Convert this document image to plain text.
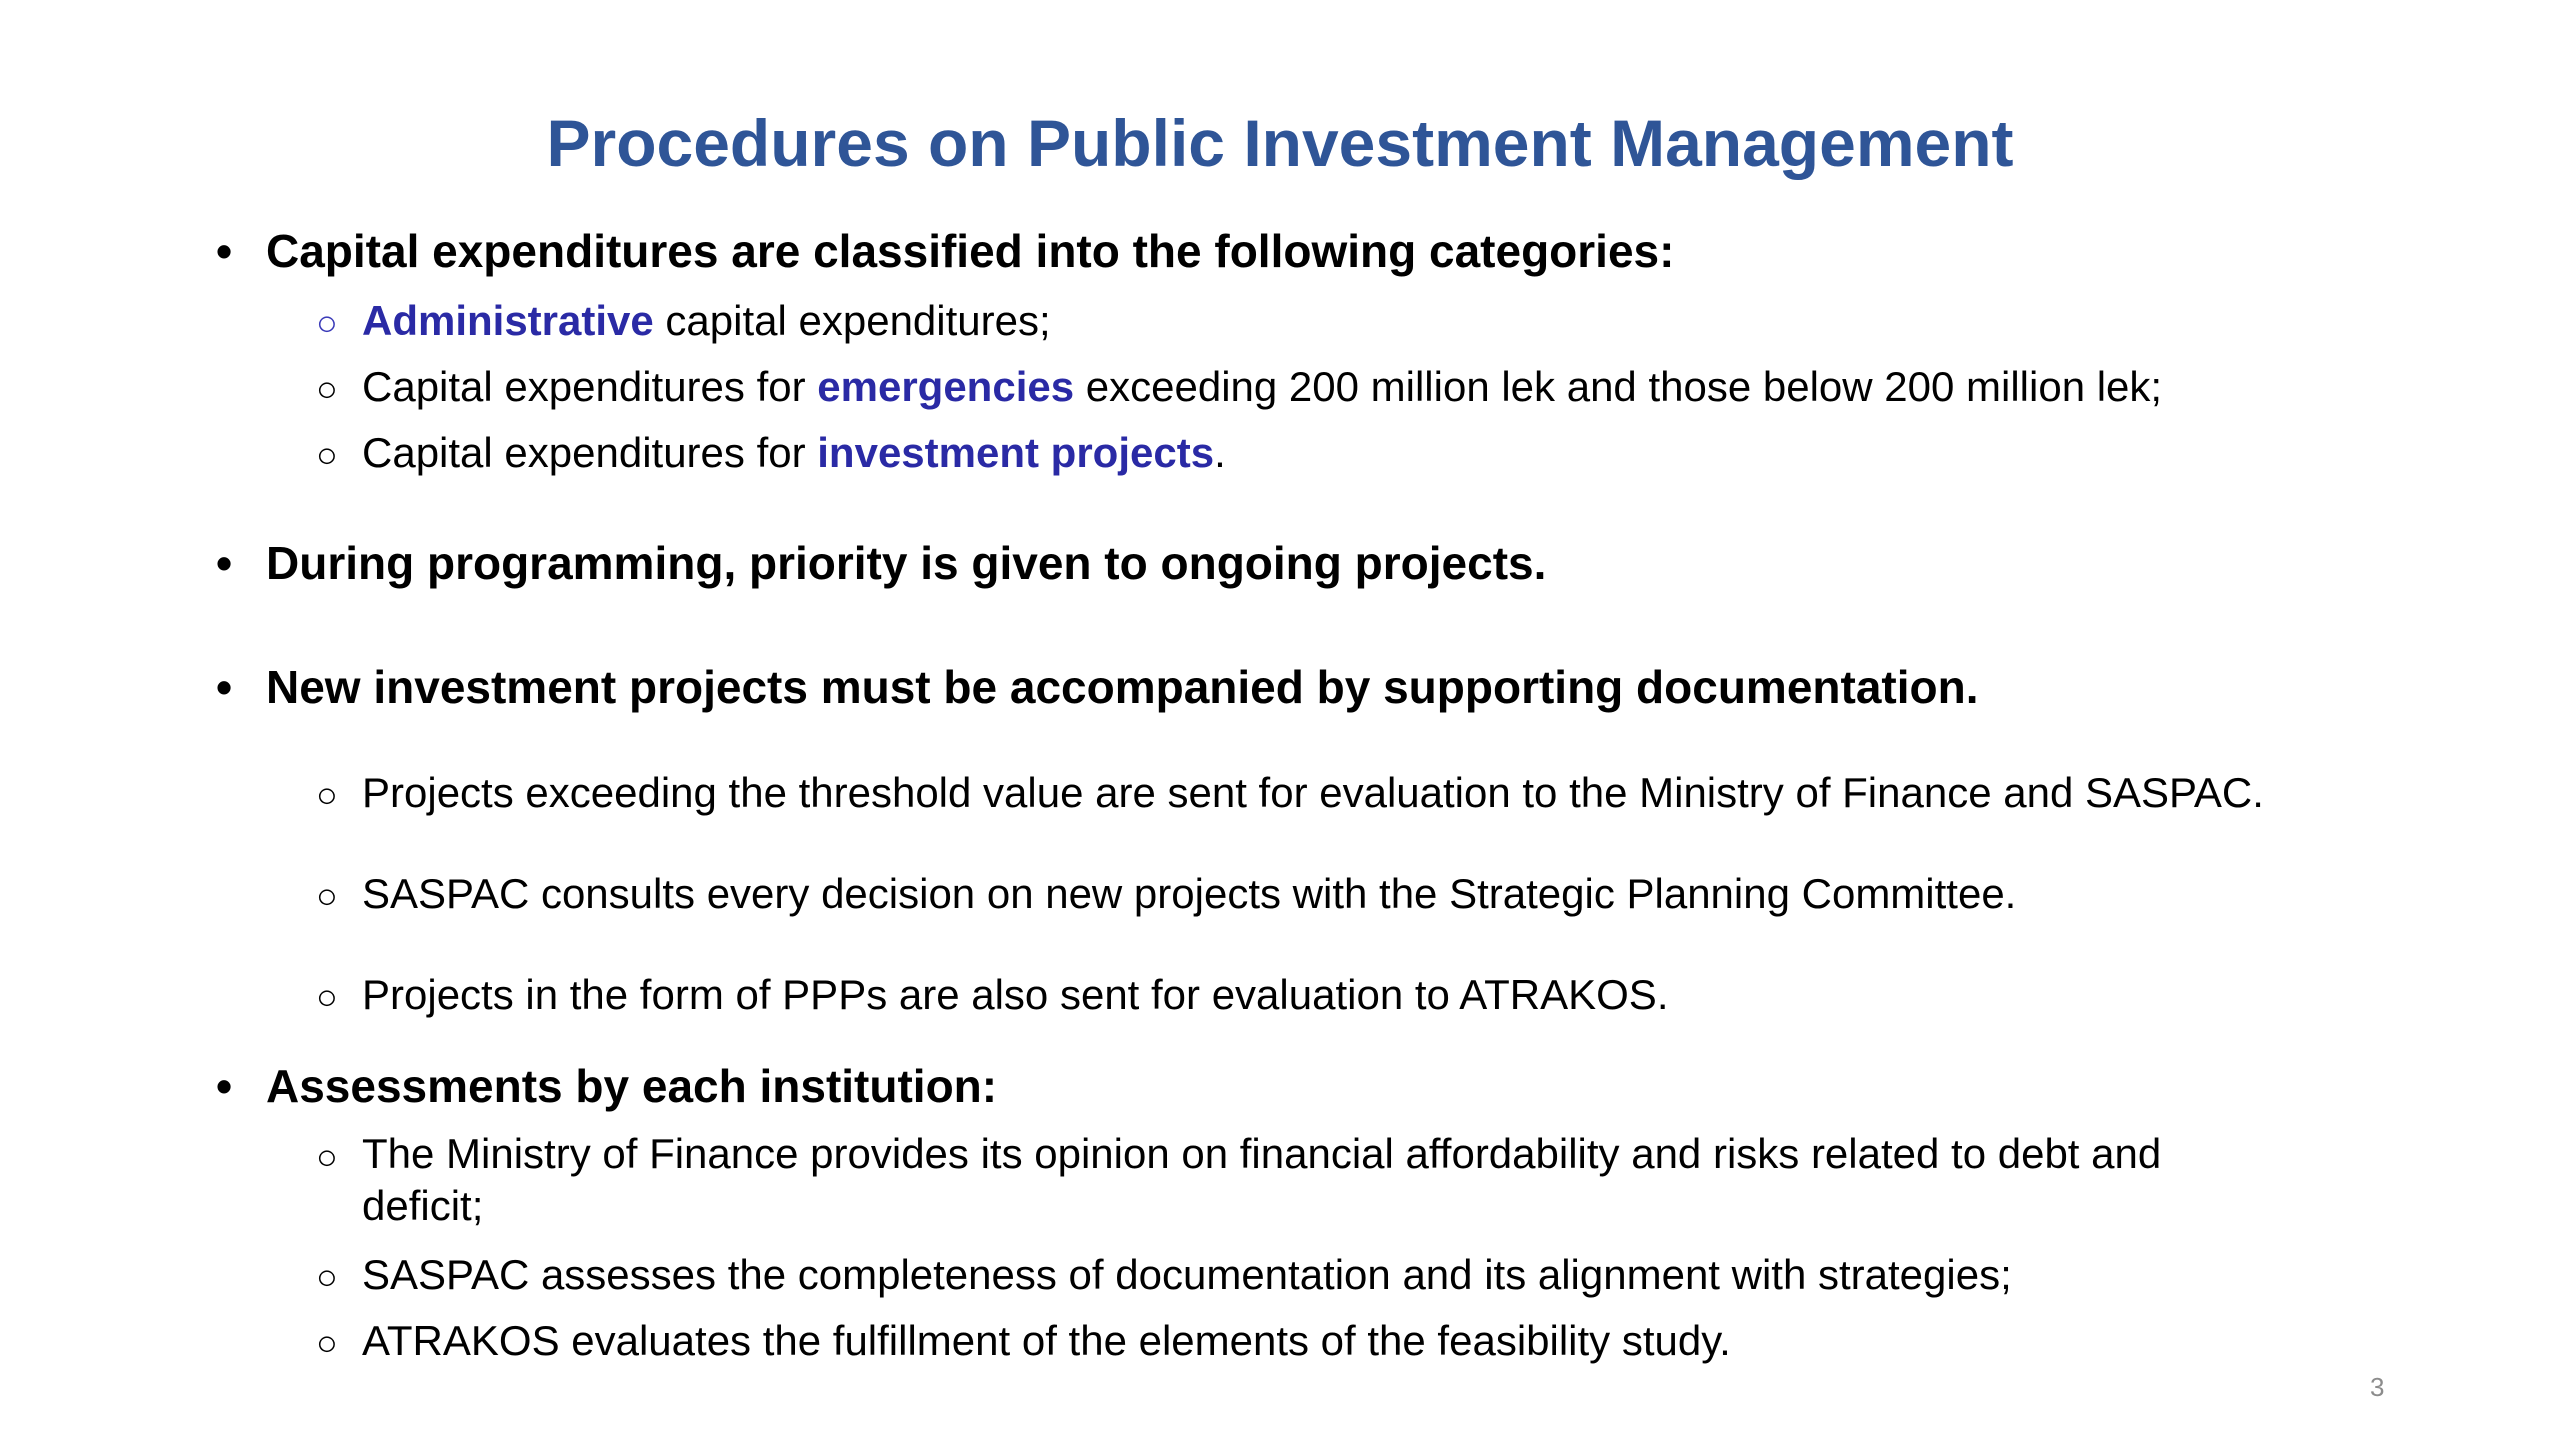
Procedures on Public Investment Management
• Capital expenditures are classified into the following categories:
○ Administrative capital expenditures;
○ Capital expenditures for emergencies exceeding 200 million lek and those below 200 million lek;
○ Capital expenditures for investment projects.
• During programming, priority is given to ongoing projects.
• New investment projects must be accompanied by supporting documentation.
○ Projects exceeding the threshold value are sent for evaluation to the Ministry of Finance and SASPAC.
○ SASPAC consults every decision on new projects with the Strategic Planning Committee.
○ Projects in the form of PPPs are also sent for evaluation to ATRAKOS.
• Assessments by each institution:
○ The Ministry of Finance provides its opinion on financial affordability and risks related to debt and
deficit;
○ SASPAC assesses the completeness of documentation and its alignment with strategies;
○ ATRAKOS evaluates the fulfillment of the elements of the feasibility study.
3
